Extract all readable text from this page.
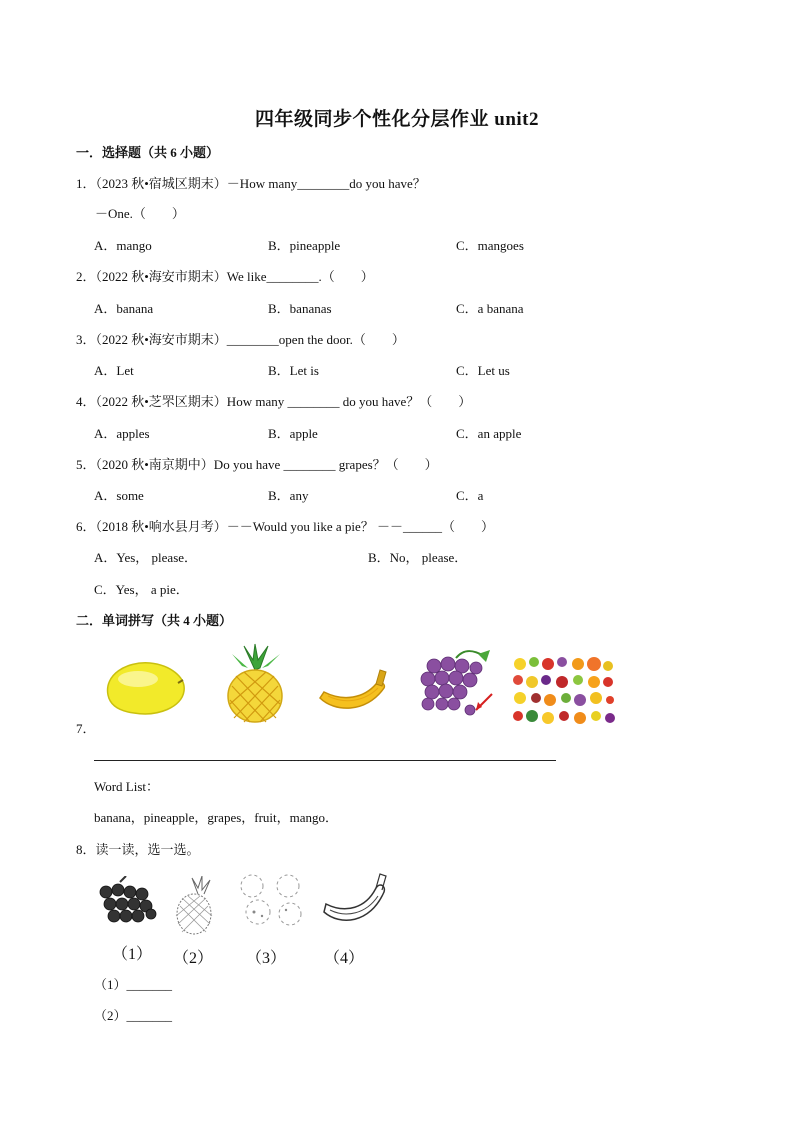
四年级同步个性化分层作业 unit2
一．选择题（共 6 小题）
1．（2023 秋•宿城区期末）－How many________do you have？
－One.（　　）
A．mango	B．pineapple	C．mangoes
2．（2022 秋•海安市期末）We like________.（　　）
A．banana	B．bananas	C．a banana
3．（2022 秋•海安市期末）________open the door.（　　）
A．Let	B．Let is	C．Let us
4．（2022 秋•芝罘区期末）How many ________ do you have？（　　）
A．apples	B．apple	C．an apple
5．（2020 秋•南京期中）Do you have ________ grapes？（　　）
A．some	B．any	C．a
6．（2018 秋•响水县月考）－－Would you like a pie？ －－______（　　）
A．Yes， please．	B．No， please．
C．Yes， a pie．
二．单词拼写（共 4 小题）
7．
Word List：
banana，pineapple，grapes，fruit，mango．
8．读一读，选一选。
（1） （2） （3） （4）
（1）_______
（2）_______
